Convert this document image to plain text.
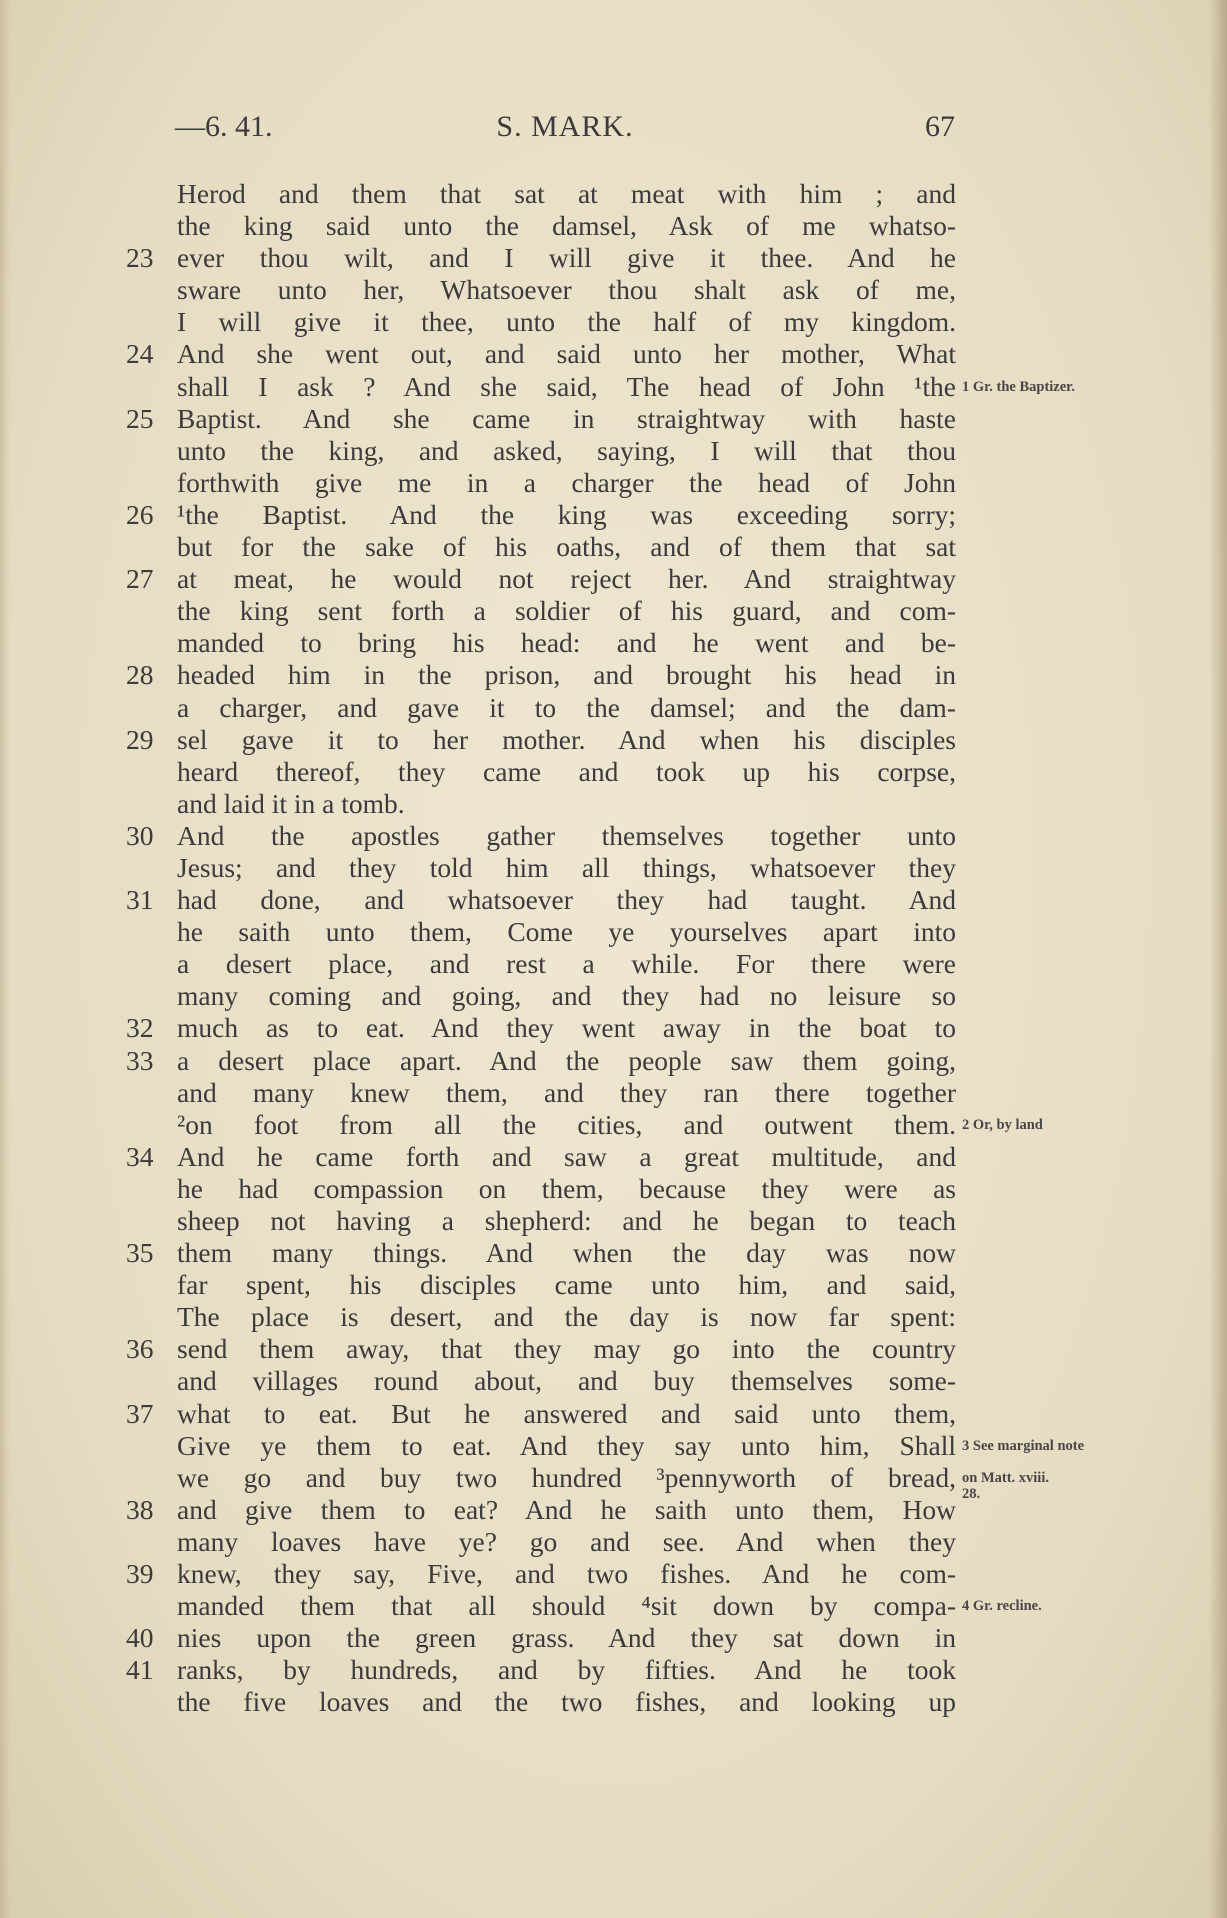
—6. 41.	S. MARK.	67
Herod and them that sat at meat with him ; and
the king said unto the damsel, Ask of me whatso-
23 ever thou wilt, and I will give it thee. And he
sware unto her, Whatsoever thou shalt ask of me,
I will give it thee, unto the half of my kingdom.
24 And she went out, and said unto her mother, What
shall I ask ? And she said, The head of John ¹the
25 Baptist. And she came in straightway with haste
unto the king, and asked, saying, I will that thou
forthwith give me in a charger the head of John
26 ¹the Baptist. And the king was exceeding sorry;
but for the sake of his oaths, and of them that sat
27 at meat, he would not reject her. And straightway
the king sent forth a soldier of his guard, and com-
manded to bring his head: and he went and be-
28 headed him in the prison, and brought his head in
a charger, and gave it to the damsel; and the dam-
29 sel gave it to her mother. And when his disciples
heard thereof, they came and took up his corpse,
and laid it in a tomb.
30 And the apostles gather themselves together unto
Jesus; and they told him all things, whatsoever they
31 had done, and whatsoever they had taught. And
he saith unto them, Come ye yourselves apart into
a desert place, and rest a while. For there were
many coming and going, and they had no leisure so
32 much as to eat. And they went away in the boat to
33 a desert place apart. And the people saw them going,
and many knew them, and they ran there together
²on foot from all the cities, and outwent them.
34 And he came forth and saw a great multitude, and
he had compassion on them, because they were as
sheep not having a shepherd: and he began to teach
35 them many things. And when the day was now
far spent, his disciples came unto him, and said,
The place is desert, and the day is now far spent:
36 send them away, that they may go into the country
and villages round about, and buy themselves some-
37 what to eat. But he answered and said unto them,
Give ye them to eat. And they say unto him, Shall
we go and buy two hundred ³pennyworth of bread,
38 and give them to eat? And he saith unto them, How
many loaves have ye? go and see. And when they
39 knew, they say, Five, and two fishes. And he com-
manded them that all should ⁴sit down by compa-
40 nies upon the green grass. And they sat down in
41 ranks, by hundreds, and by fifties. And he took
the five loaves and the two fishes, and looking up
1 Gr. the Baptizer.
2 Or, by land
3 See marginal note
on Matt. xviii.
28.
4 Gr. recline.
